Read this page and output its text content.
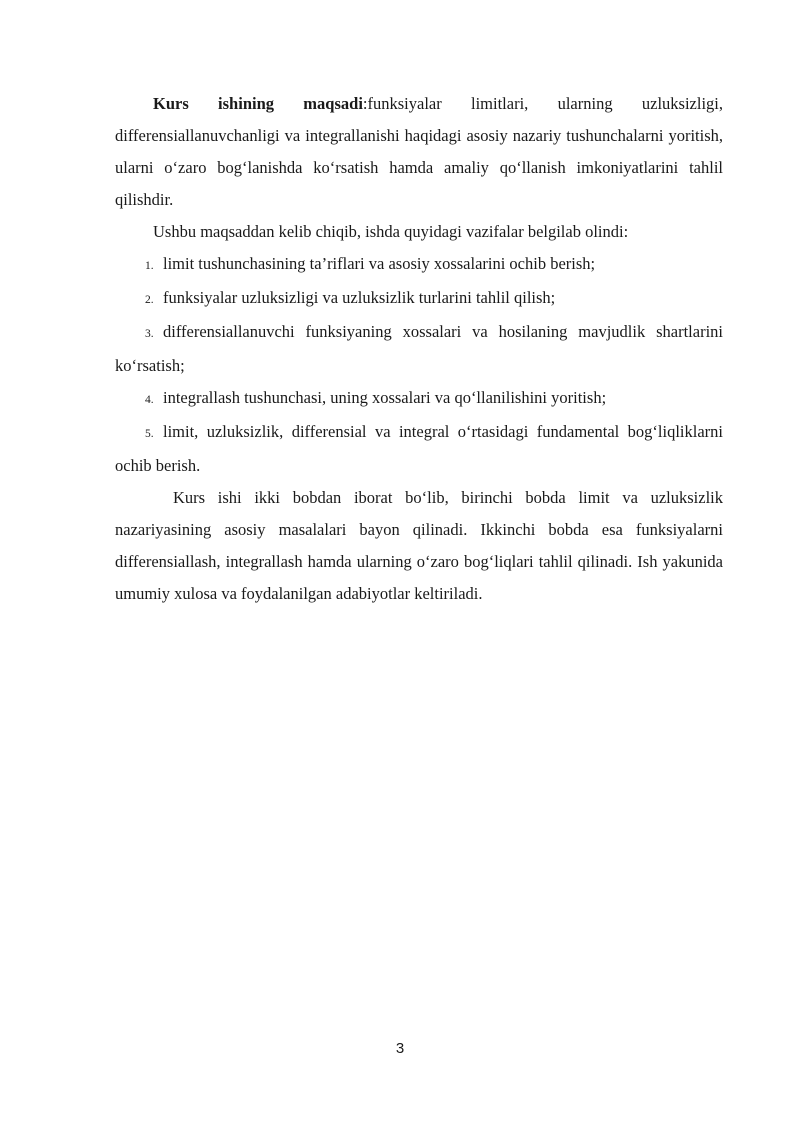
Kurs ishining maqsadi:funksiyalar limitlari, ularning uzluksizligi, differensiallanuvchanligi va integrallanishi haqidagi asosiy nazariy tushunchalarni yoritish, ularni o‘zaro bog‘lanishda ko‘rsatish hamda amaliy qo‘llanish imkoniyatlarini tahlil qilishdir.

Ushbu maqsaddan kelib chiqib, ishda quyidagi vazifalar belgilab olindi:

1. limit tushunchasining ta’riflari va asosiy xossalarini ochib berish;
2. funksiyalar uzluksizligi va uzluksizlik turlarini tahlil qilish;
3. differensiallanuvchi funksiyaning xossalari va hosilaning mavjudlik shartlarini ko‘rsatish;
4. integrallash tushunchasi, uning xossalari va qo‘llanilishini yoritish;
5. limit, uzluksizlik, differensial va integral o‘rtasidagi fundamental bog‘liqliklarni ochib berish.

Kurs ishi ikki bobdan iborat bo‘lib, birinchi bobda limit va uzluksizlik nazariyasining asosiy masalalari bayon qilinadi. Ikkinchi bobda esa funksiyalarni differensiallash, integrallash hamda ularning o‘zaro bog‘liqlari tahlil qilinadi. Ish yakunida umumiy xulosa va foydalanilgan adabiyotlar keltiriladi.

3
